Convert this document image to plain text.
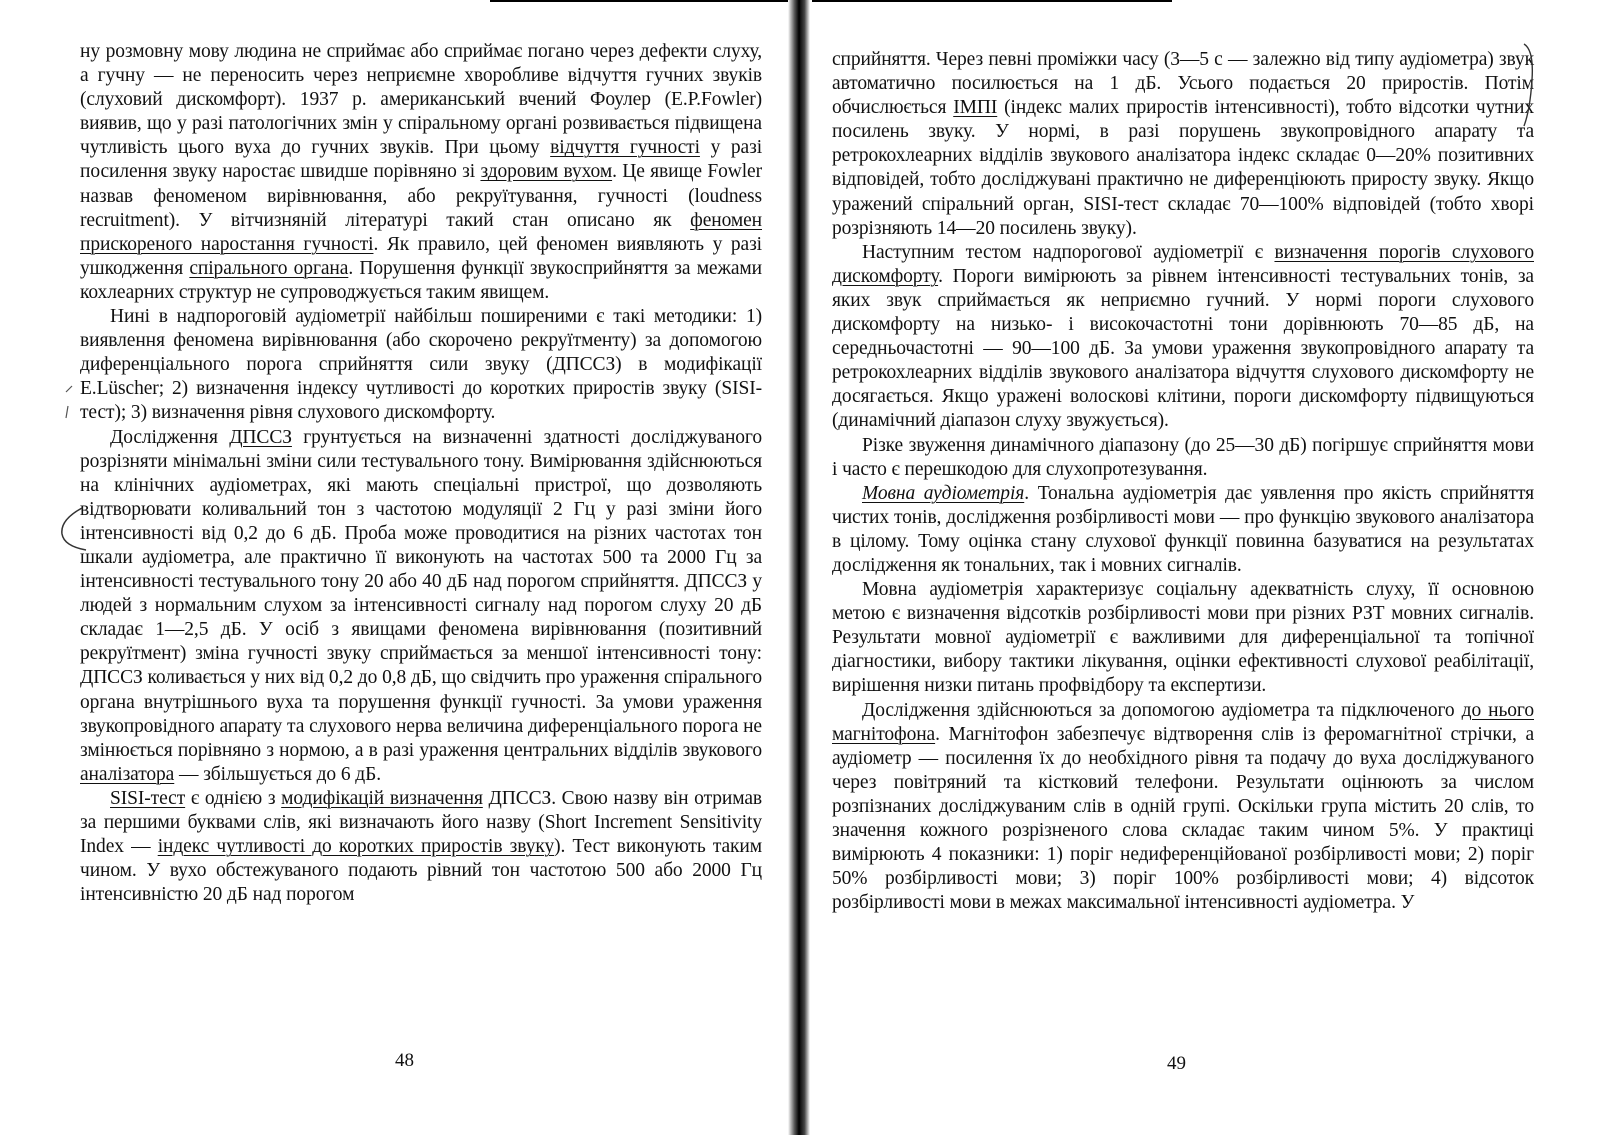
ну розмовну мову людина не сприймає або сприймає погано через дефекти слуху, а гучну — не переносить через неприємне хворобливе відчуття гучних звуків (слуховий дискомфорт). 1937 р. американський вчений Фоулер (E.P.Fowler) виявив, що у разі патологічних змін у спіральному органі розвивається підвищена чутливість цього вуха до гучних звуків. При цьому відчуття гучності у разі посилення звуку наростає швидше порівняно зі здоровим вухом. Це явище Fowler назвав феноменом вирівнювання, або рекруїтування, гучності (loudness recruitment). У вітчизняній літературі такий стан описано як феномен прискореного наростання гучності. Як правило, цей феномен виявляють у разі ушкодження спірального органа. Порушення функції звукосприйняття за межами кохлеарних структур не супроводжується таким явищем.

Нині в надпороговій аудіометрії найбільш поширеними є такі методики: 1) виявлення феномена вирівнювання (або скорочено рекруїтменту) за допомогою диференціального порога сприйняття сили звуку (ДПССЗ) в модифікації E.Lüscher; 2) визначення індексу чутливості до коротких приростів звуку (SISI-тест); 3) визначення рівня слухового дискомфорту.

Дослідження ДПССЗ грунтується на визначенні здатності досліджуваного розрізняти мінімальні зміни сили тестувального тону. Вимірювання здійснюються на клінічних аудіометрах, які мають спеціальні пристрої, що дозволяють відтворювати коливальний тон з частотою модуляції 2 Гц у разі зміни його інтенсивності від 0,2 до 6 дБ. Проба може проводитися на різних частотах тон шкали аудіометра, але практично її виконують на частотах 500 та 2000 Гц за інтенсивності тестувального тону 20 або 40 дБ над порогом сприйняття. ДПССЗ у людей з нормальним слухом за інтенсивності сигналу над порогом слуху 20 дБ складає 1—2,5 дБ. У осіб з явищами феномена вирівнювання (позитивний рекруїтмент) зміна гучності звуку сприймається за меншої інтенсивності тону: ДПССЗ коливається у них від 0,2 до 0,8 дБ, що свідчить про ураження спірального органа внутрішнього вуха та порушення функції гучності. За умови ураження звукопровідного апарату та слухового нерва величина диференціального порога не змінюється порівняно з нормою, а в разі ураження центральних відділів звукового аналізатора — збільшується до 6 дБ.

SISI-тест є однією з модифікацій визначення ДПССЗ. Свою назву він отримав за першими буквами слів, які визначають його назву (Short Increment Sensitivity Index — індекс чутливості до коротких приростів звуку). Тест виконують таким чином. У вухо обстежуваного подають рівний тон частотою 500 або 2000 Гц інтенсивністю 20 дБ над порогом

48

сприйняття. Через певні проміжки часу (3—5 с — залежно від типу аудіометра) звук автоматично посилюється на 1 дБ. Усього подається 20 приростів. Потім обчислюється ІМПІ (індекс малих приростів інтенсивності), тобто відсотки чутних посилень звуку. У нормі, в разі порушень звукопровідного апарату та ретрокохлеарних відділів звукового аналізатора індекс складає 0—20% позитивних відповідей, тобто досліджувані практично не диференціюють приросту звуку. Якщо уражений спіральний орган, SISI-тест складає 70—100% відповідей (тобто хворі розрізняють 14—20 посилень звуку).

Наступним тестом надпорогової аудіометрії є визначення порогів слухового дискомфорту. Пороги вимірюють за рівнем інтенсивності тестувальних тонів, за яких звук сприймається як неприємно гучний. У нормі пороги слухового дискомфорту на низько- і високочастотні тони дорівнюють 70—85 дБ, на середньочастотні — 90—100 дБ. За умови ураження звукопровідного апарату та ретрокохлеарних відділів звукового аналізатора відчуття слухового дискомфорту не досягається. Якщо уражені волоскові клітини, пороги дискомфорту підвищуються (динамічний діапазон слуху звужується).

Різке звуження динамічного діапазону (до 25—30 дБ) погіршує сприйняття мови і часто є перешкодою для слухопротезування.

Мовна аудіометрія. Тональна аудіометрія дає уявлення про якість сприйняття чистих тонів, дослідження розбірливості мови — про функцію звукового аналізатора в цілому. Тому оцінка стану слухової функції повинна базуватися на результатах дослідження як тональних, так і мовних сигналів.

Мовна аудіометрія характеризує соціальну адекватність слуху, її основною метою є визначення відсотків розбірливості мови при різних РЗТ мовних сигналів. Результати мовної аудіометрії є важливими для диференціальної та топічної діагностики, вибору тактики лікування, оцінки ефективності слухової реабілітації, вирішення низки питань профвідбору та експертизи.

Дослідження здійснюються за допомогою аудіометра та підключеного до нього магнітофона. Магнітофон забезпечує відтворення слів із феромагнітної стрічки, а аудіометр — посилення їх до необхідного рівня та подачу до вуха досліджуваного через повітряний та кістковий телефони. Результати оцінюють за числом розпізнаних досліджуваним слів в одній групі. Оскільки група містить 20 слів, то значення кожного розрізненого слова складає таким чином 5%. У практиці вимірюють 4 показники: 1) поріг недиференційованої розбірливості мови; 2) поріг 50% розбірливості мови; 3) поріг 100% розбірливості мови; 4) відсоток розбірливості мови в межах максимальної інтенсивності аудіометра. У

49
